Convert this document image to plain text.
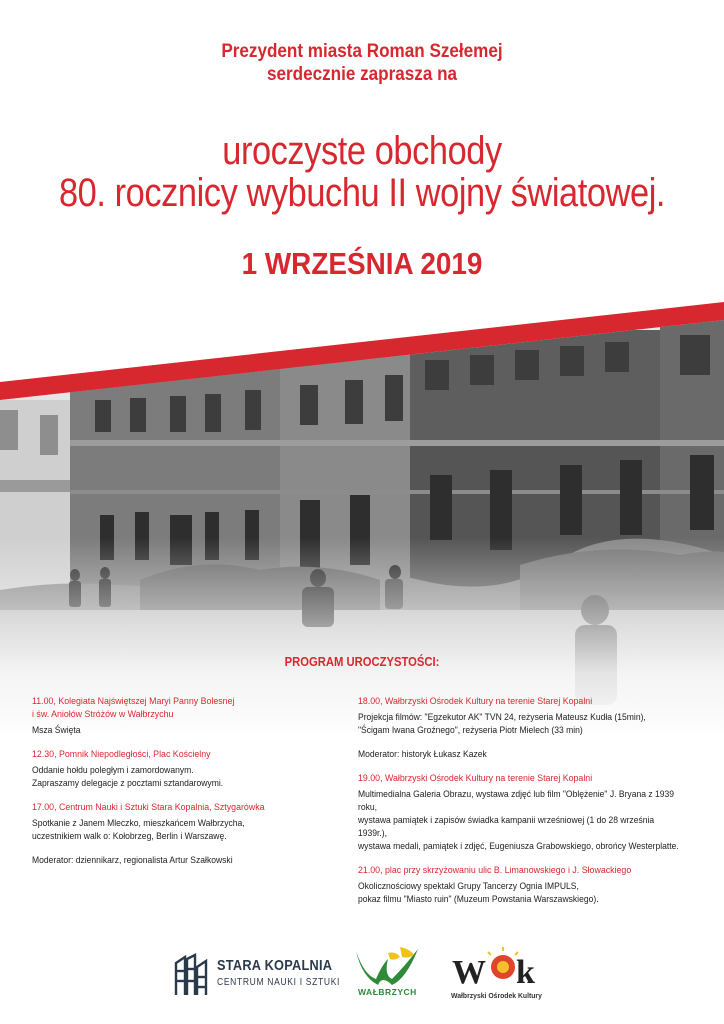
Prezydent miasta Roman Szełemej
serdecznie zaprasza na
uroczyste obchody
80. rocznicy wybuchu II wojny światowej.
1 WRZEŚNIA 2019
PROGRAM UROCZYSTOŚCI:
11.00, Kolegiata Najświętszej Maryi Panny Bolesnej
i św. Aniołów Stróżów w Wałbrzychu
Msza Święta
12.30, Pomnik Niepodległości, Plac Kościelny
Oddanie hołdu poległym i zamordowanym.
Zapraszamy delegacje z pocztami sztandarowymi.
17.00, Centrum Nauki i Sztuki Stara Kopalnia, Sztygarówka
Spotkanie z Janem Mleczko, mieszkańcem Wałbrzycha,
uczestnikiem walk o: Kołobrzeg, Berlin i Warszawę.
Moderator: dziennikarz, regionalista Artur Szałkowski
18.00, Wałbrzyski Ośrodek Kultury na terenie Starej Kopalni
Projekcja filmów: "Egzekutor AK" TVN 24, reżyseria Mateusz Kudła (15min),
"Ścigam Iwana Groźnego", reżyseria Piotr Mielech (33 min)
Moderator: historyk Łukasz Kazek
19.00, Wałbrzyski Ośrodek Kultury na terenie Starej Kopalni
Multimedialna Galeria Obrazu, wystawa zdjęć lub film "Oblężenie" J. Bryana z 1939 roku,
wystawa pamiątek i zapisów świadka kampanii wrześniowej (1 do 28 września 1939r.),
wystawa medali, pamiątek i zdjęć, Eugeniusza Grabowskiego, obrońcy Westerplatte.
21.00, plac przy skrzyżowaniu ulic B. Limanowskiego i J. Słowackiego
Okolicznościowy spektakl Grupy Tancerzy Ognia IMPULS,
pokaz filmu "Miasto ruin" (Muzeum Powstania Warszawskiego).
STARA KOPALNIA
CENTRUM NAUKI I SZTUKI
WAŁBRZYCH
W k
Wałbrzyski Ośrodek Kultury
